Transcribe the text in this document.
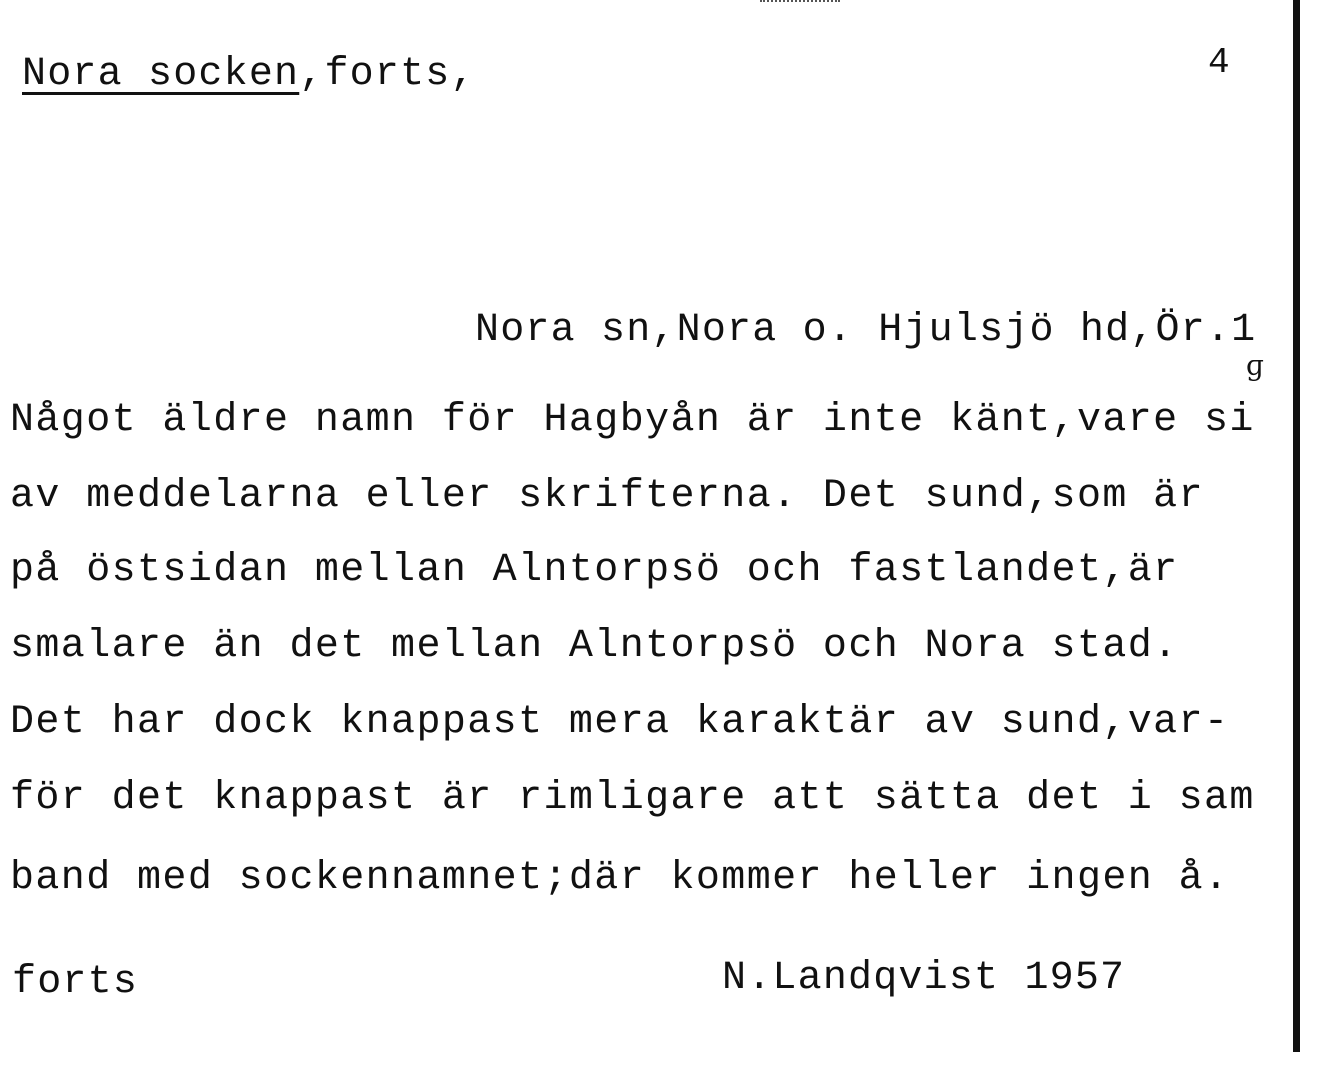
Nora socken,forts,	4
Nora sn,Nora o. Hjulsjö hd,Ör.1
ɡ
Något äldre namn för Hagbyån är inte känt,vare si
av meddelarna eller skrifterna. Det sund,som är
på östsidan mellan Alntorpsö och fastlandet,är
smalare än det mellan Alntorpsö och Nora stad.
Det har dock knappast mera karaktär av sund,var-
för det knappast är rimligare att sätta det i sam
band med sockennamnet;där kommer heller ingen å.
forts	N.Landqvist 1957
